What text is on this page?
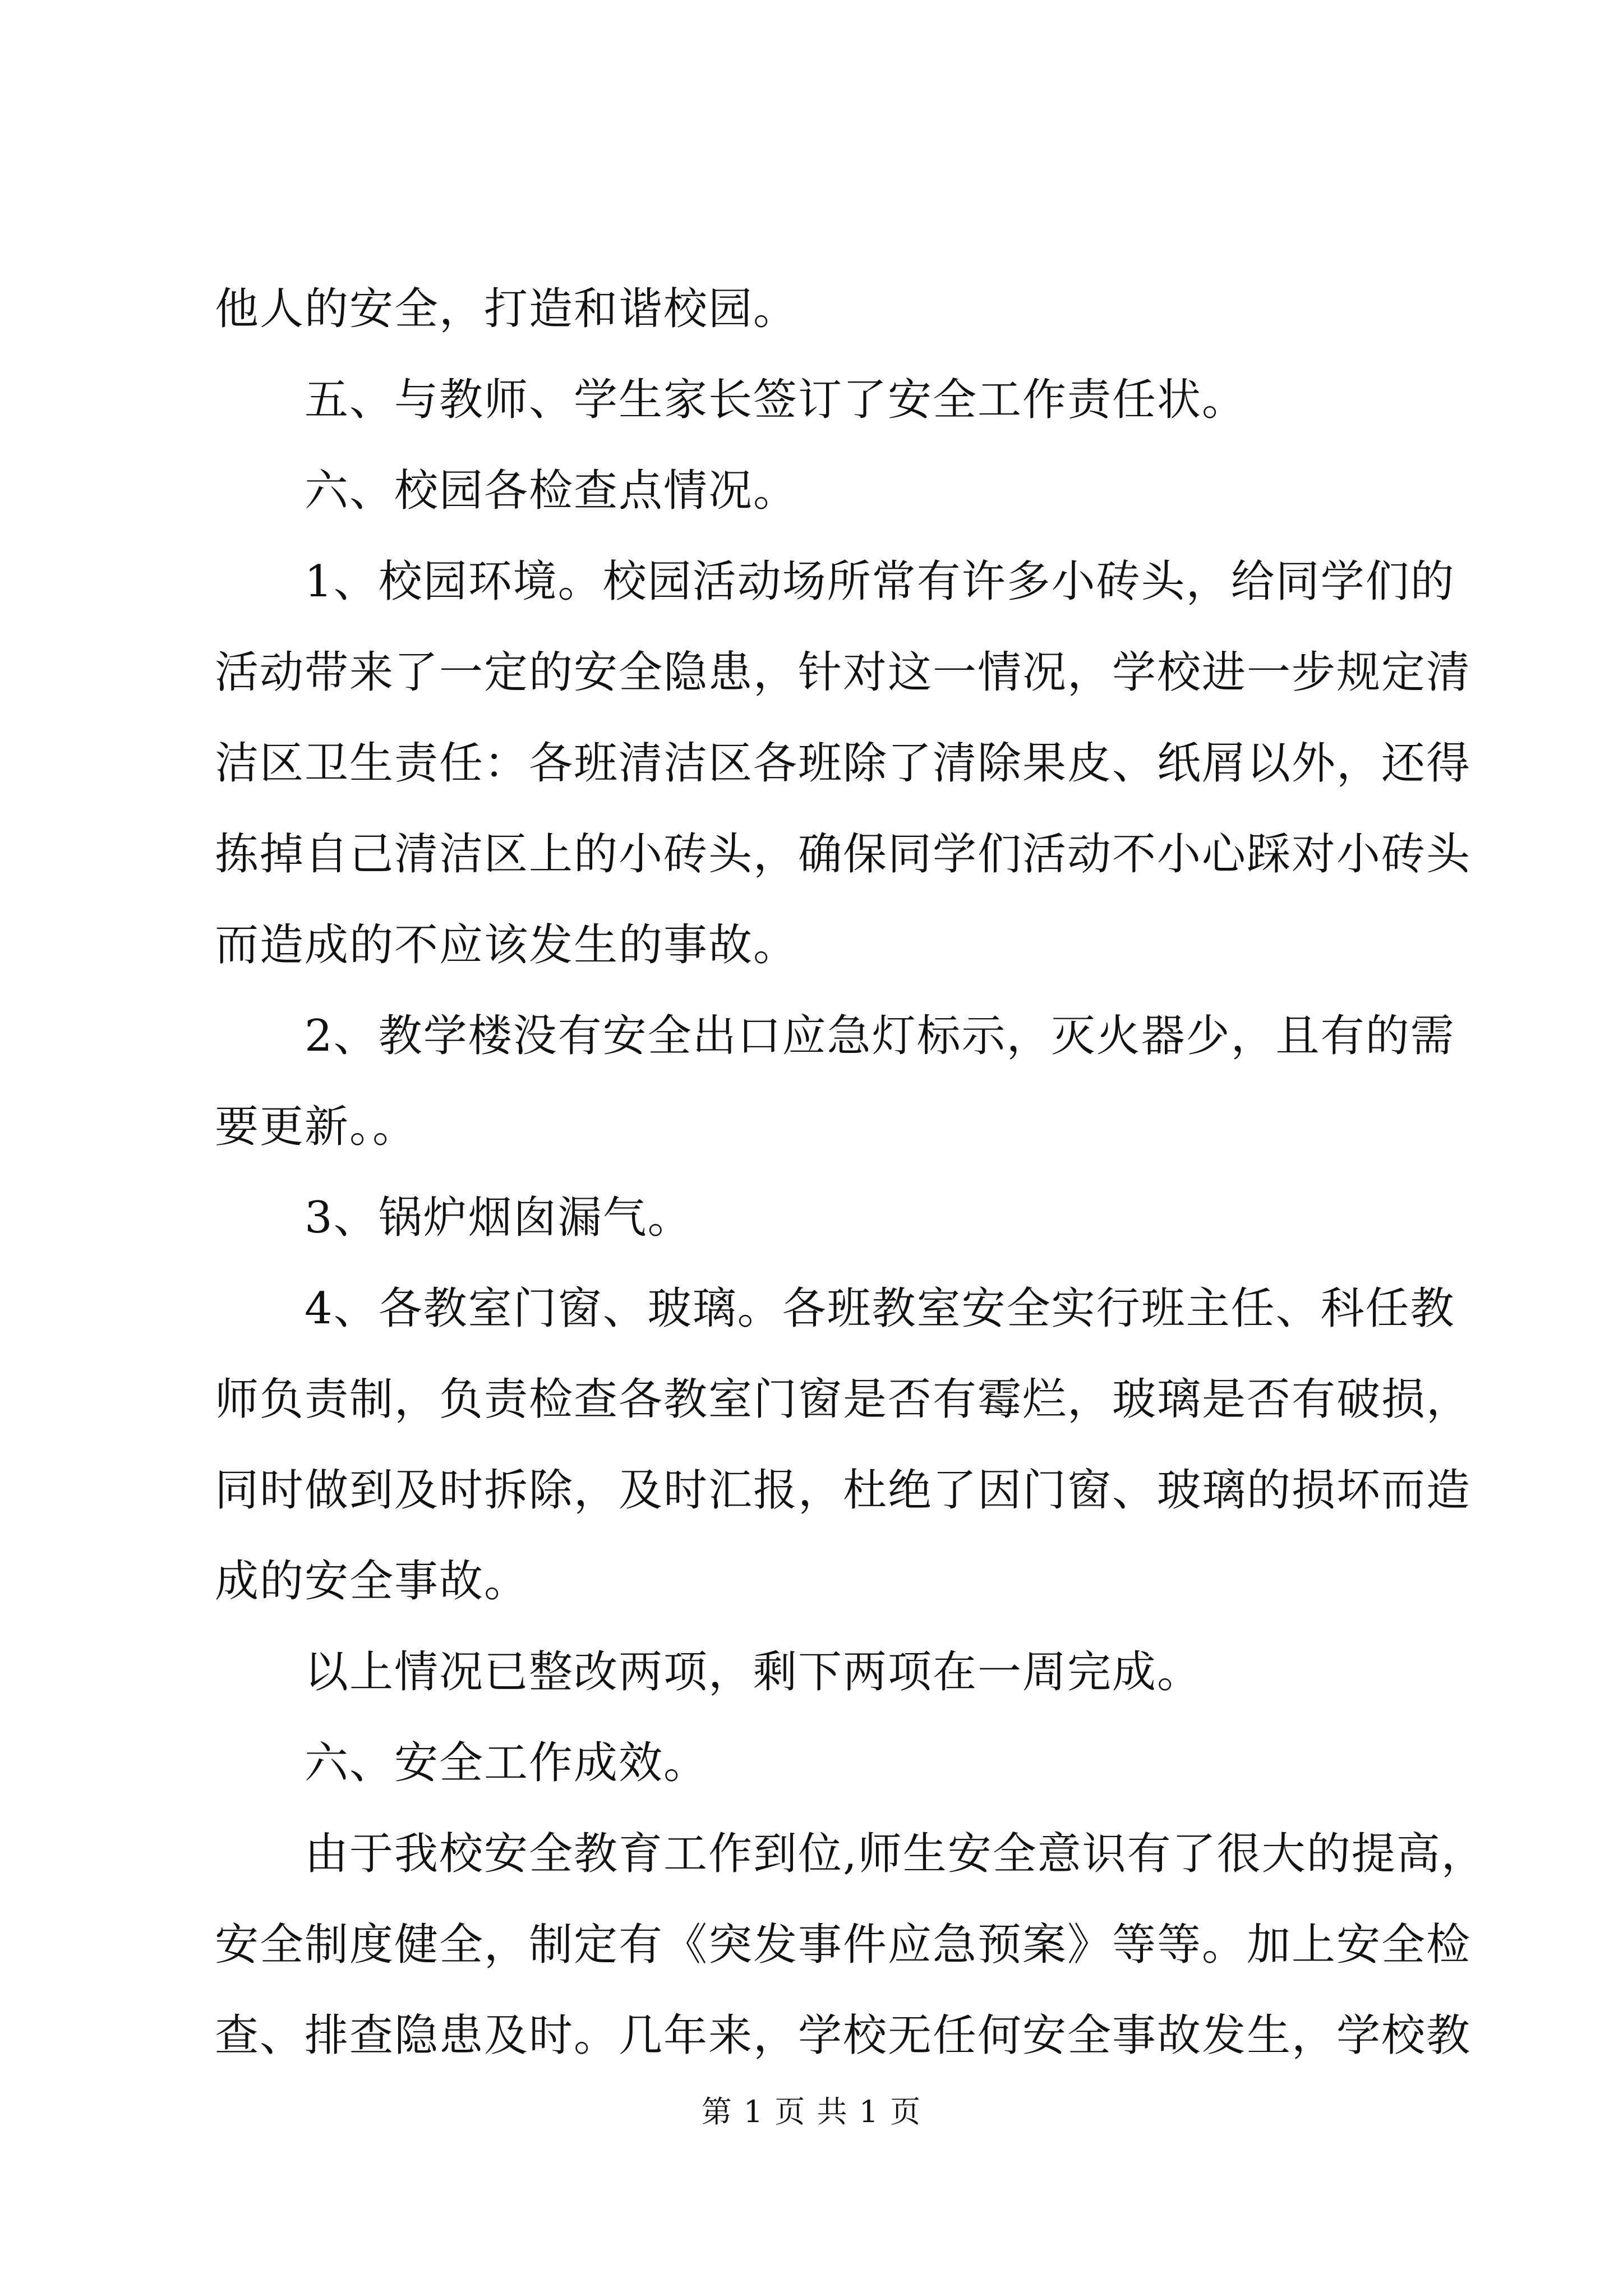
他人的安全，打造和谐校园。
五、与教师、学生家长签订了安全工作责任状。
六、校园各检查点情况。
1、校园环境。校园活动场所常有许多小砖头，给同学们的
活动带来了一定的安全隐患，针对这一情况，学校进一步规定清
洁区卫生责任：各班清洁区各班除了清除果皮、纸屑以外，还得
拣掉自己清洁区上的小砖头，确保同学们活动不小心踩对小砖头
而造成的不应该发生的事故。
2、教学楼没有安全出口应急灯标示，灭火器少，且有的需
要更新。。
3、锅炉烟囱漏气。
4、各教室门窗、玻璃。各班教室安全实行班主任、科任教
师负责制，负责检查各教室门窗是否有霉烂，玻璃是否有破损，
同时做到及时拆除，及时汇报，杜绝了因门窗、玻璃的损坏而造
成的安全事故。
以上情况已整改两项，剩下两项在一周完成。
六、安全工作成效。
由于我校安全教育工作到位,师生安全意识有了很大的提高，
安全制度健全，制定有《突发事件应急预案》等等。加上安全检
查、排查隐患及时。几年来，学校无任何安全事故发生，学校教
第 1 页 共 1 页
